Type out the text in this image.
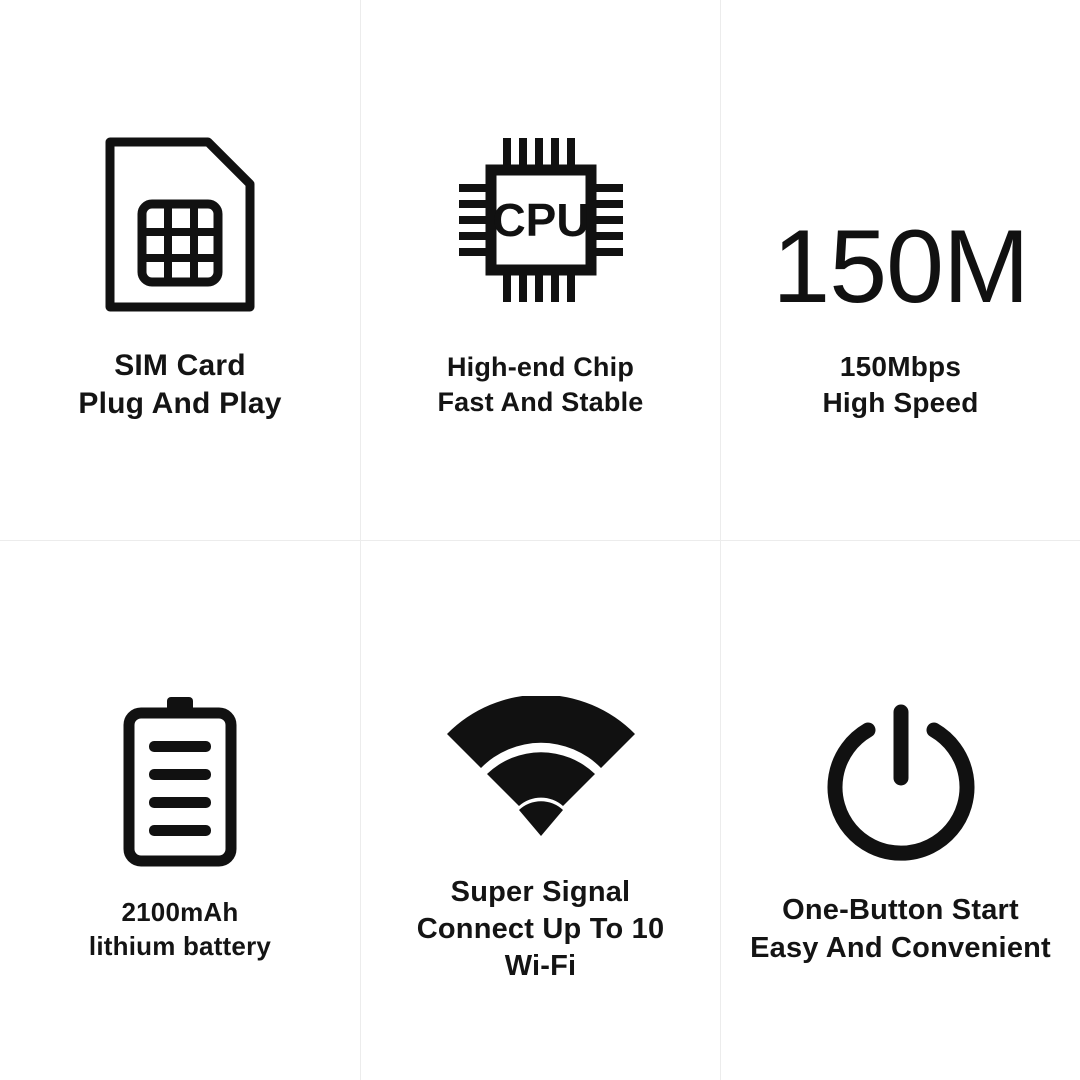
SIM Card
Plug And Play
CPU
High-end Chip
Fast And Stable
150M
150Mbps
High Speed
2100mAh
lithium battery
Super Signal
Connect Up To 10
Wi-Fi
One-Button Start
Easy And Convenient
